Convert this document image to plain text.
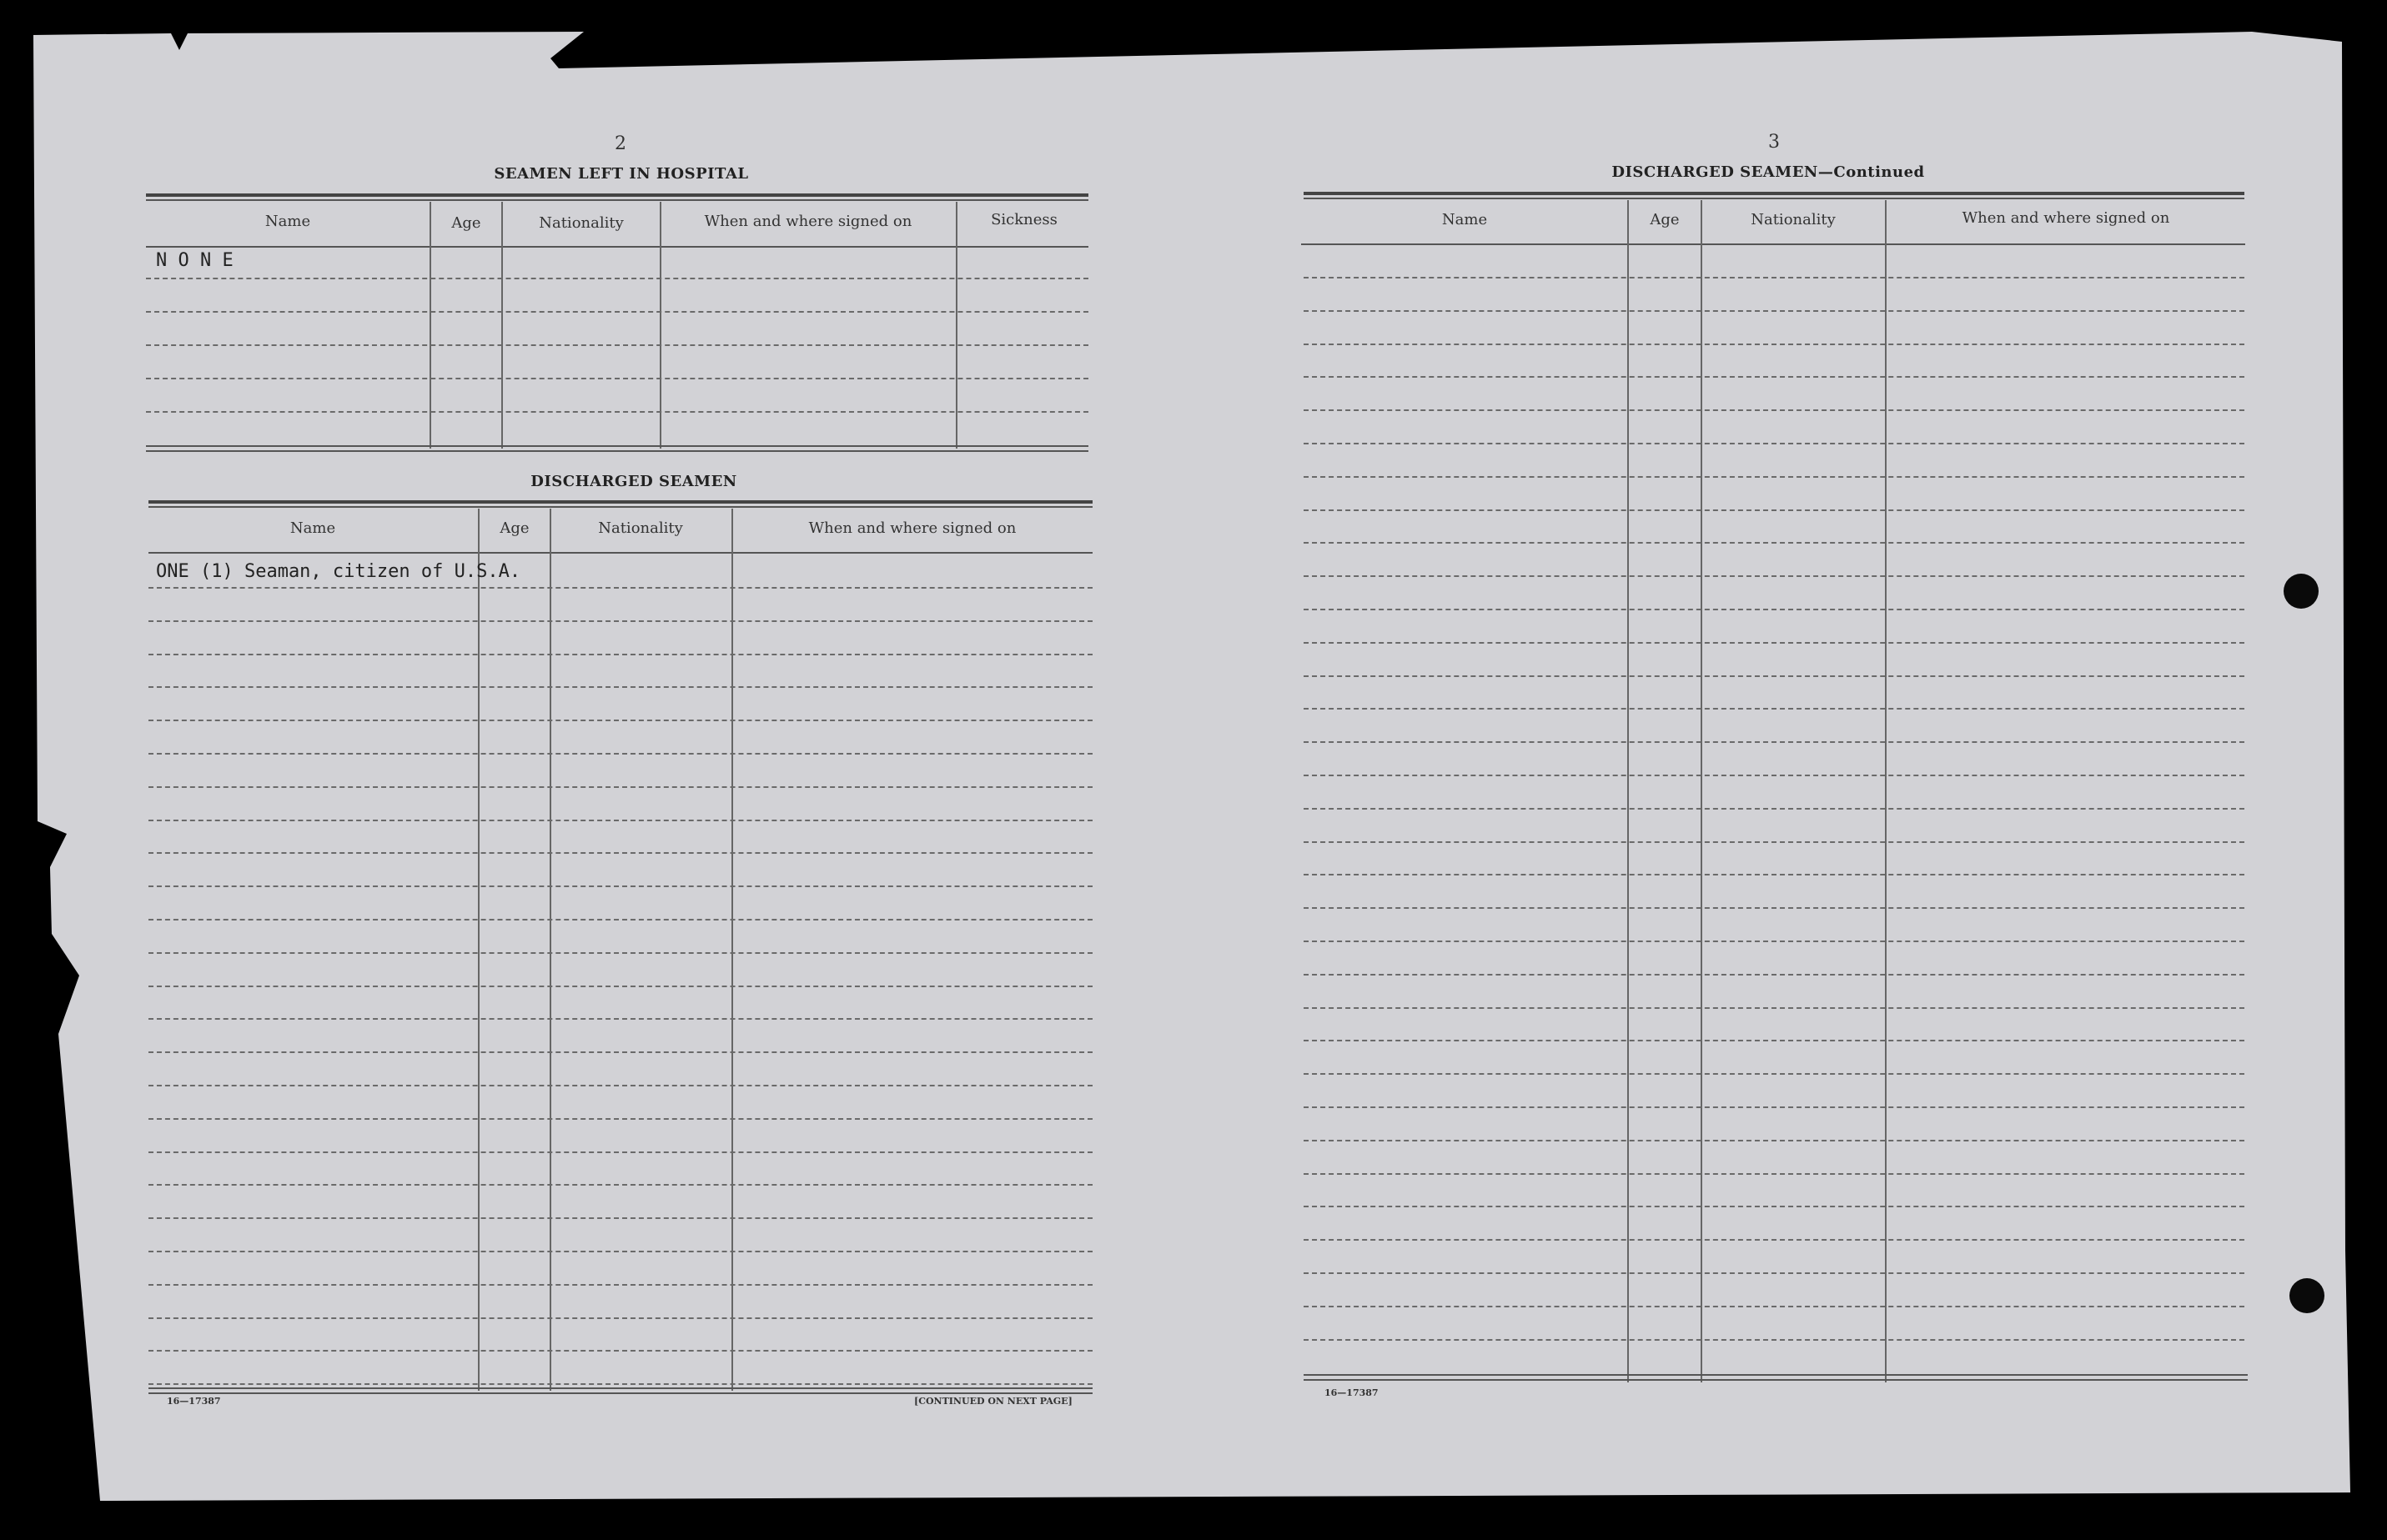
2
SEAMEN LEFT IN HOSPITAL
Name	Age	Nationality	When and where signed on	Sickness
N O N E
DISCHARGED SEAMEN
Name	Age	Nationality	When and where signed on
ONE (1) Seaman, citizen of U.S.A.
16—17387	[CONTINUED ON NEXT PAGE]
3
DISCHARGED SEAMEN—Continued
Name	Age	Nationality	When and where signed on
16—17387
